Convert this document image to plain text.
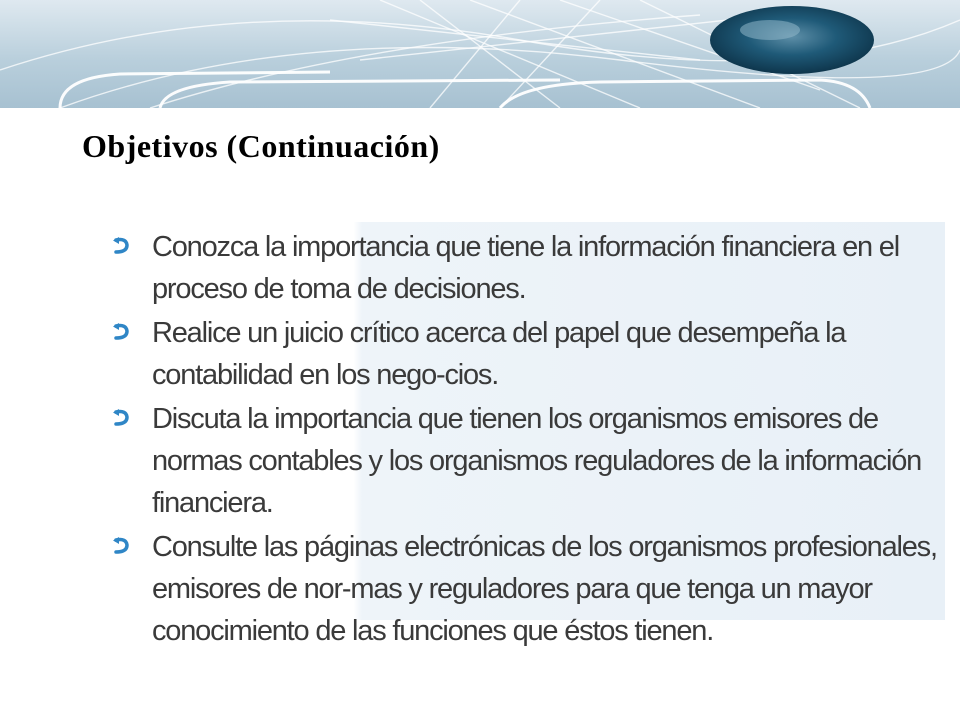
Objetivos (Continuación)
Conozca la importancia que tiene la información financiera en el proceso de toma de decisiones.
Realice un juicio crítico acerca del papel que desempeña la contabilidad en los nego-cios.
Discuta la importancia que tienen los organismos emisores de normas contables y los organismos reguladores de la información financiera.
Consulte las páginas electrónicas de los organismos profesionales, emisores de nor-mas y reguladores para que tenga un mayor conocimiento de las funciones que éstos tienen.
